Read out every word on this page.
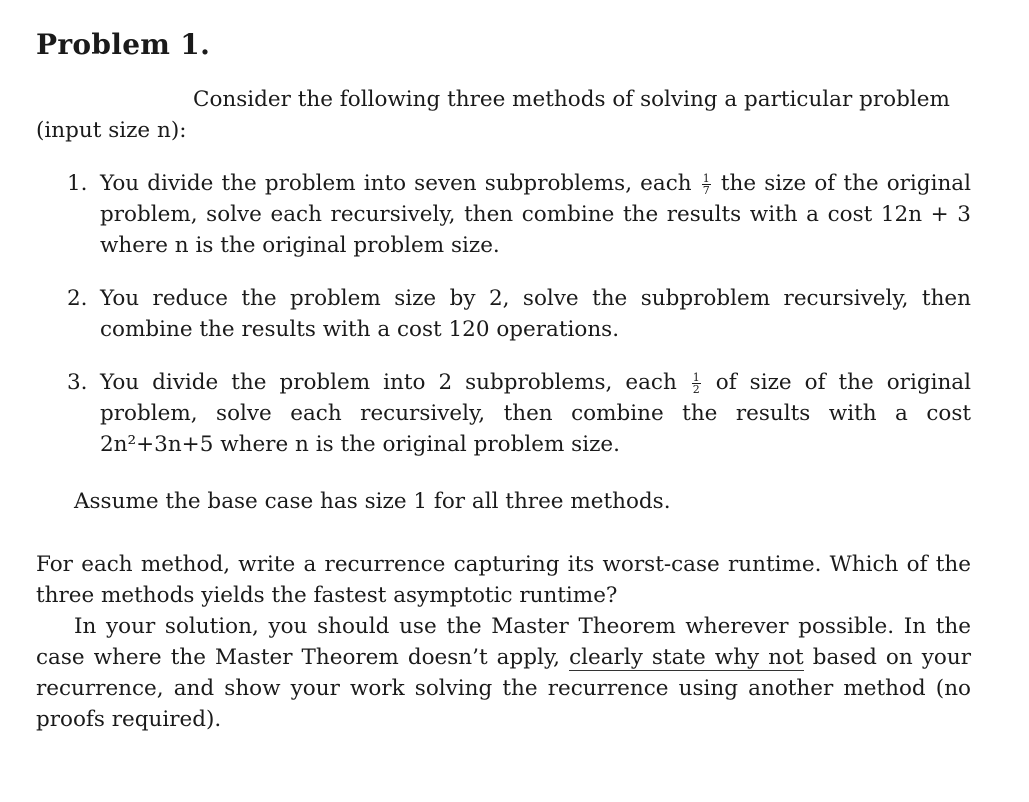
Problem 1.
Consider the following three methods of solving a particular problem
(input size n):
1. You divide the problem into seven subproblems, each $\frac{1}{7}$ the size of the original problem, solve each recursively, then combine the results with a cost 12n + 3 where n is the original problem size.
2. You reduce the problem size by 2, solve the subproblem recursively, then combine the results with a cost 120 operations.
3. You divide the problem into 2 subproblems, each $\frac{1}{2}$ of size of the original problem, solve each recursively, then combine the results with a cost 2n²+3n+5 where n is the original problem size.
Assume the base case has size 1 for all three methods.

For each method, write a recurrence capturing its worst-case runtime. Which of the three methods yields the fastest asymptotic runtime?

In your solution, you should use the Master Theorem wherever possible. In the case where the Master Theorem doesn’t apply, clearly state why not based on your recurrence, and show your work solving the recurrence using another method (no proofs required).
